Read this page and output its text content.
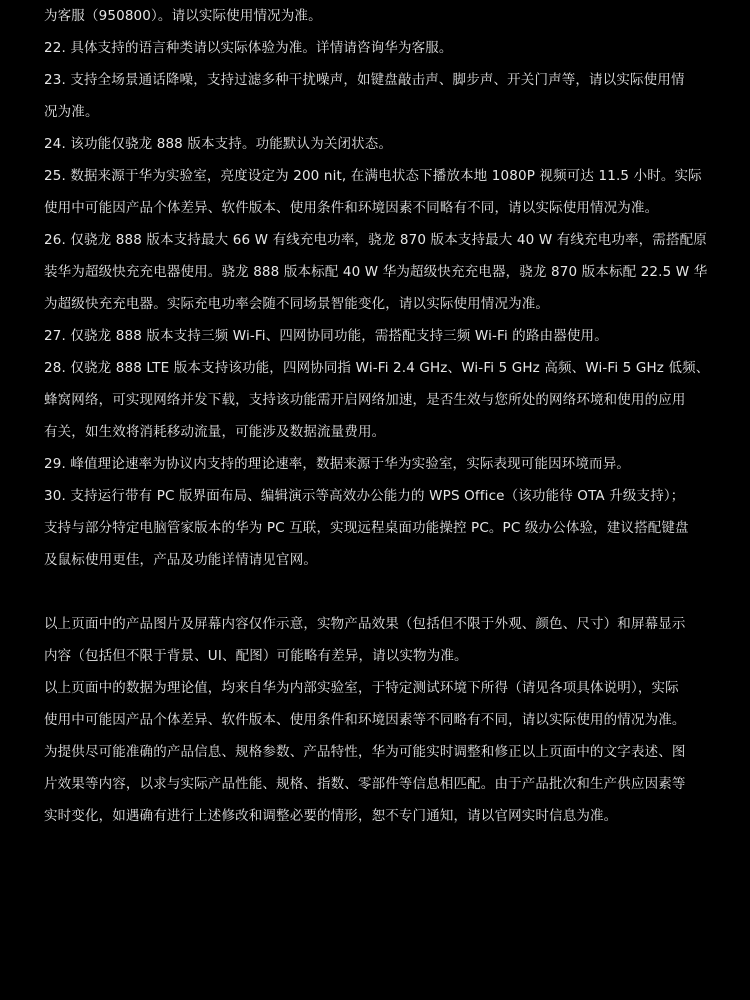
为客服（950800）。请以实际使用情况为准。
22. 具体支持的语言种类请以实际体验为准。详情请咨询华为客服。
23. 支持全场景通话降噪，支持过滤多种干扰噪声，如键盘敲击声、脚步声、开关门声等，请以实际使用情
况为准。
24. 该功能仅骁龙 888 版本支持。功能默认为关闭状态。
25. 数据来源于华为实验室，亮度设定为 200 nit, 在满电状态下播放本地 1080P 视频可达 11.5 小时。实际
使用中可能因产品个体差异、软件版本、使用条件和环境因素不同略有不同，请以实际使用情况为准。
26. 仅骁龙 888 版本支持最大 66 W 有线充电功率，骁龙 870 版本支持最大 40 W 有线充电功率，需搭配原
装华为超级快充充电器使用。骁龙 888 版本标配 40 W 华为超级快充充电器，骁龙 870 版本标配 22.5 W 华
为超级快充充电器。实际充电功率会随不同场景智能变化，请以实际使用情况为准。
27. 仅骁龙 888 版本支持三频 Wi-Fi、四网协同功能，需搭配支持三频 Wi-Fi 的路由器使用。
28. 仅骁龙 888 LTE 版本支持该功能，四网协同指 Wi-Fi 2.4 GHz、Wi-Fi 5 GHz 高频、Wi-Fi 5 GHz 低频、
蜂窝网络，可实现网络并发下载，支持该功能需开启网络加速，是否生效与您所处的网络环境和使用的应用
有关，如生效将消耗移动流量，可能涉及数据流量费用。
29. 峰值理论速率为协议内支持的理论速率，数据来源于华为实验室，实际表现可能因环境而异。
30. 支持运行带有 PC 版界面布局、编辑演示等高效办公能力的 WPS Office（该功能待 OTA 升级支持）；
支持与部分特定电脑管家版本的华为 PC 互联，实现远程桌面功能操控 PC。PC 级办公体验，建议搭配键盘
及鼠标使用更佳，产品及功能详情请见官网。
以上页面中的产品图片及屏幕内容仅作示意，实物产品效果（包括但不限于外观、颜色、尺寸）和屏幕显示
内容（包括但不限于背景、UI、配图）可能略有差异，请以实物为准。
以上页面中的数据为理论值，均来自华为内部实验室，于特定测试环境下所得（请见各项具体说明），实际
使用中可能因产品个体差异、软件版本、使用条件和环境因素等不同略有不同，请以实际使用的情况为准。
为提供尽可能准确的产品信息、规格参数、产品特性，华为可能实时调整和修正以上页面中的文字表述、图
片效果等内容，以求与实际产品性能、规格、指数、零部件等信息相匹配。由于产品批次和生产供应因素等
实时变化，如遇确有进行上述修改和调整必要的情形，恕不专门通知，请以官网实时信息为准。
